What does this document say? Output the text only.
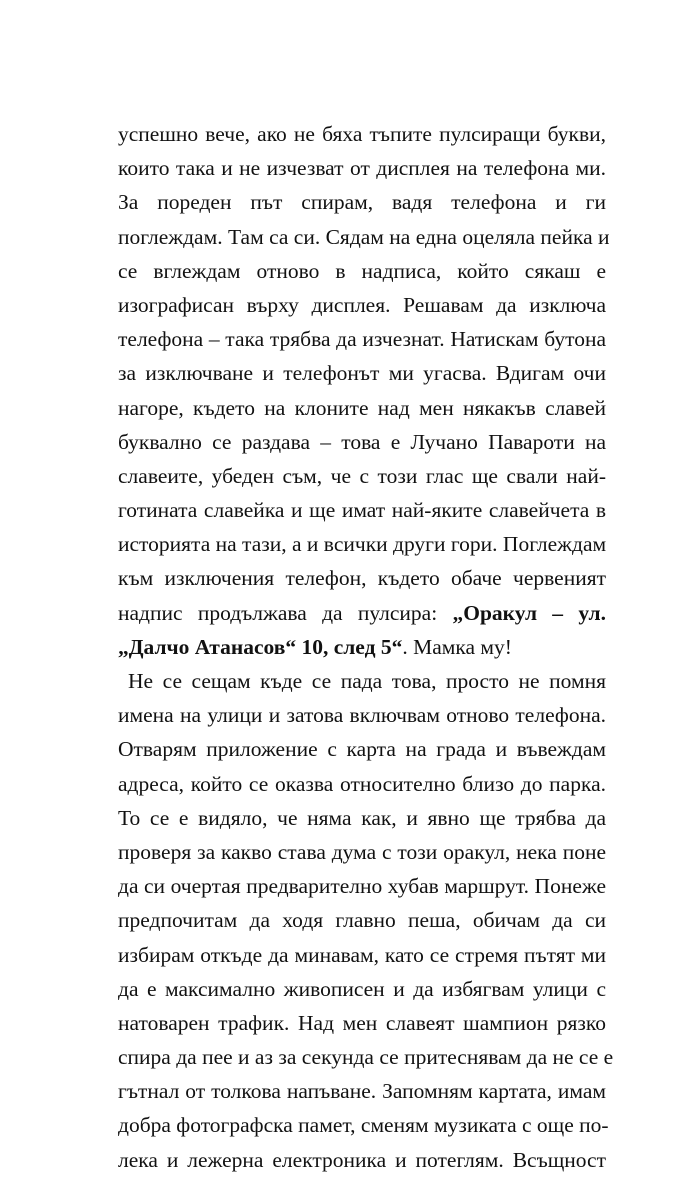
успешно вече, ако не бяха тъпите пулсиращи букви,
които така и не изчезват от дисплея на телефона ми.
За пореден път спирам, вадя телефона и ги
поглеждам. Там са си. Сядам на една оцеляла пейка и
се вглеждам отново в надписа, който сякаш е
изографисан върху дисплея. Решавам да изключа
телефона – така трябва да изчезнат. Натискам бутона
за изключване и телефонът ми угасва. Вдигам очи
нагоре, където на клоните над мен някакъв славей
буквално се раздава – това е Лучано Павароти на
славеите, убеден съм, че с този глас ще свали най-
готината славейка и ще имат най-яките славейчета в
историята на тази, а и всички други гори. Поглеждам
към изключения телефон, където обаче червеният
надпис продължава да пулсира: „Оракул – ул.
„Далчо Атанасов“ 10, след 5“. Мамка му!
Не се сещам къде се пада това, просто не помня
имена на улици и затова включвам отново телефона.
Отварям приложение с карта на града и въвеждам
адреса, който се оказва относително близо до парка.
То се е видяло, че няма как, и явно ще трябва да
проверя за какво става дума с този оракул, нека поне
да си очертая предварително хубав маршрут. Понеже
предпочитам да ходя главно пеша, обичам да си
избирам откъде да минавам, като се стремя пътят ми
да е максимално живописен и да избягвам улици с
натоварен трафик. Над мен славеят шампион рязко
спира да пее и аз за секунда се притеснявам да не се е
гътнал от толкова напъване. Запомням картата, имам
добра фотографска памет, сменям музиката с още по-
лека и лежерна електроника и потеглям. Всъщност
